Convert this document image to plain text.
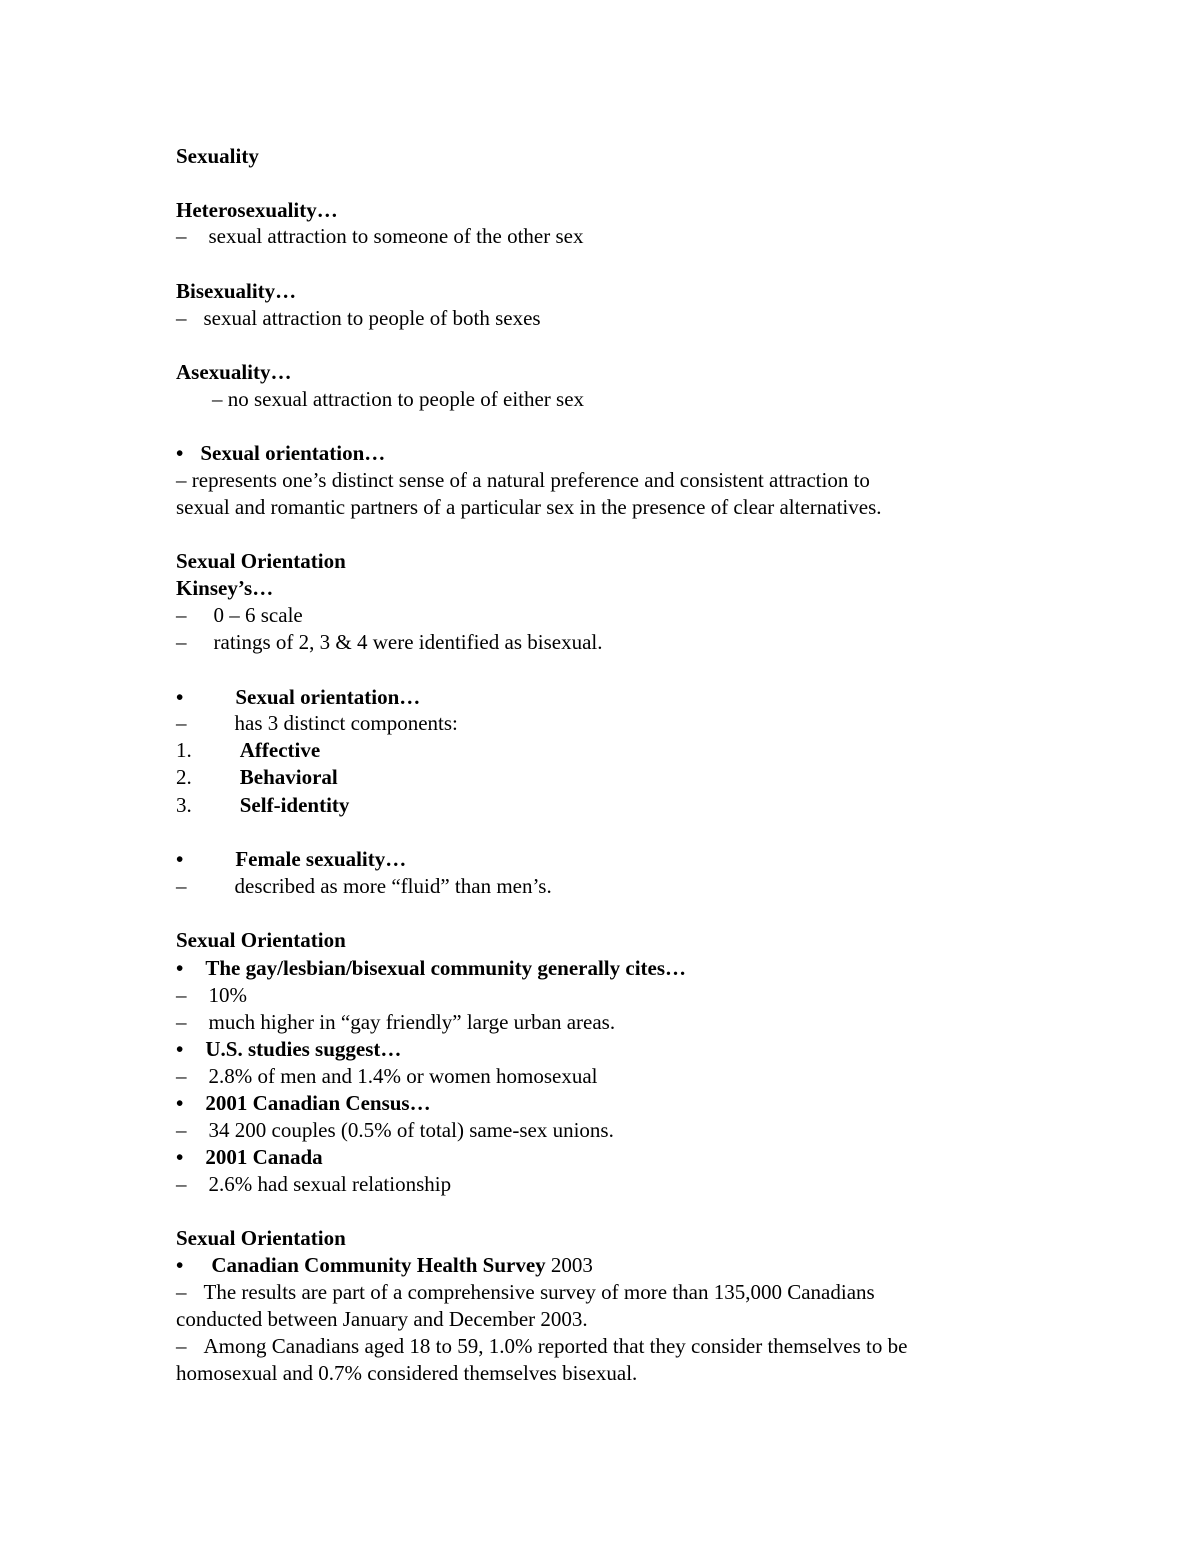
Sexuality
Heterosexuality…
– sexual attraction to someone of the other sex
Bisexuality…
– sexual attraction to people of both sexes
Asexuality…
– no sexual attraction to people of either sex
• Sexual orientation…
– represents one’s distinct sense of a natural preference and consistent attraction to
sexual and romantic partners of a particular sex in the presence of clear alternatives.
Sexual Orientation
Kinsey’s…
– 0 – 6 scale
– ratings of 2, 3 & 4 were identified as bisexual.
• Sexual orientation…
– has 3 distinct components:
1. Affective
2. Behavioral
3. Self-identity
• Female sexuality…
– described as more “fluid” than men’s.
Sexual Orientation
• The gay/lesbian/bisexual community generally cites…
– 10%
– much higher in “gay friendly” large urban areas.
• U.S. studies suggest…
– 2.8% of men and 1.4% or women homosexual
• 2001 Canadian Census…
– 34 200 couples (0.5% of total) same-sex unions.
• 2001 Canada
– 2.6% had sexual relationship
Sexual Orientation
• Canadian Community Health Survey 2003
– The results are part of a comprehensive survey of more than 135,000 Canadians
conducted between January and December 2003.
– Among Canadians aged 18 to 59, 1.0% reported that they consider themselves to be
homosexual and 0.7% considered themselves bisexual.
